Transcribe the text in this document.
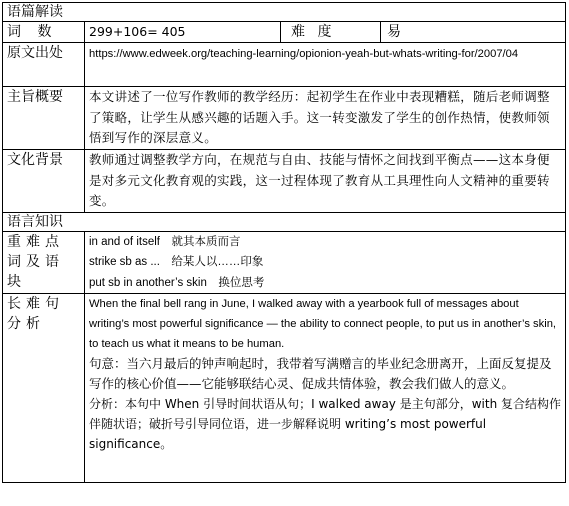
语篇解读			
词 数	299+106= 405	难 度	易
原文出处	https://www.edweek.org/teaching-learning/opionion-yeah-but-whats-writing-for/2007/04		
主旨概要	本文讲述了一位写作教师的教学经历：起初学生在作业中表现糟糕，随后老师调整了策略，让学生从感兴趣的话题入手。这一转变激发了学生的创作热情，使教师领悟到写作的深层意义。		
文化背景	教师通过调整教学方向，在规范与自由、技能与情怀之间找到平衡点——这本身便是对多元文化教育观的实践，这一过程体现了教育从工具理性向人文精神的重要转变。		
语言知识			
重难点词及语块	in and of itself　就其本质而言
strike sb as ...　给某人以……印象
put sb in another’s skin　换位思考		

长难句分析	When the final bell rang in June, I walked away with a yearbook full of messages about writing’s most powerful significance — the ability to connect people, to put us in another’s skin, to teach us what it means to be human.

句意：当六月最后的钟声响起时，我带着写满赠言的毕业纪念册离开，上面反复提及写作的核心价值——它能够联结心灵、促成共情体验，教会我们做人的意义。

分析：本句中 When 引导时间状语从句；I walked away 是主句部分，with 复合结构作伴随状语；破折号引导同位语，进一步解释说明 writing’s most powerful significance。		
